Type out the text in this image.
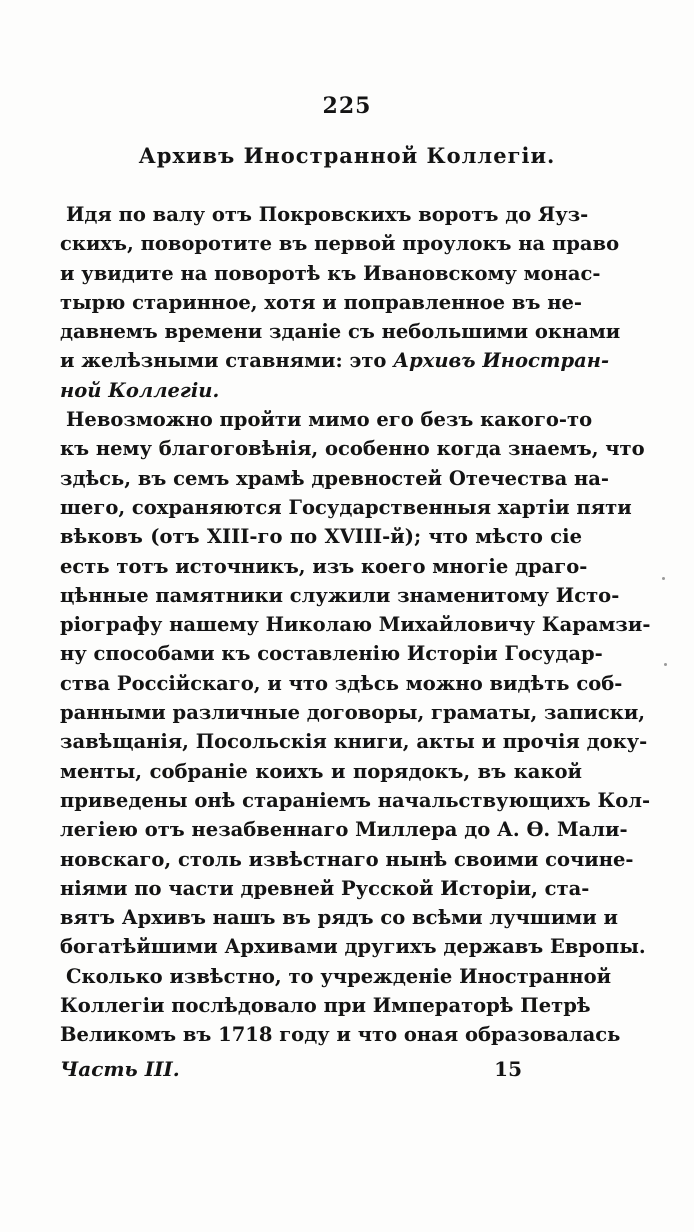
225
Архивъ Иностранной Коллегіи.
Идя по валу отъ Покровскихъ воротъ до Яуз-
скихъ, поворотите въ первой проулокъ на право
и увидите на поворотѣ къ Ивановскому монас-
тырю старинное, хотя и поправленное въ не-
давнемъ времени зданіе съ небольшими окнами
и желѣзными ставнями: это Архивъ Иностран-
ной Коллегіи.
Невозможно пройти мимо его безъ какого-то
къ нему благоговѣнія, особенно когда знаемъ, что
здѣсь, въ семъ храмѣ древностей Отечества на-
шего, сохраняются Государственныя хартіи пяти
вѣковъ (отъ XIII-го по XVIII-й); что мѣсто сіе
есть тотъ источникъ, изъ коего многіе драго-
цѣнные памятники служили знаменитому Исто-
ріографу нашему Николаю Михайловичу Карамзи-
ну способами къ составленію Исторіи Государ-
ства Россійскаго, и что здѣсь можно видѣть соб-
ранными различные договоры, граматы, записки,
завѣщанія, Посольскія книги, акты и прочія доку-
менты, собраніе коихъ и порядокъ, въ какой
приведены онѣ стараніемъ начальствующихъ Кол-
легіею отъ незабвеннаго Миллера до А. Ѳ. Мали-
новскаго, столь извѣстнаго нынѣ своими сочине-
ніями по части древней Русской Исторіи, ста-
вятъ Архивъ нашъ въ рядъ со всѣми лучшими и
богатѣйшими Архивами другихъ державъ Европы.
Сколько извѣстно, то учрежденіе Иностранной
Коллегіи послѣдовало при Императорѣ Петрѣ
Великомъ въ 1718 году и что оная образовалась
Часть III.	15
